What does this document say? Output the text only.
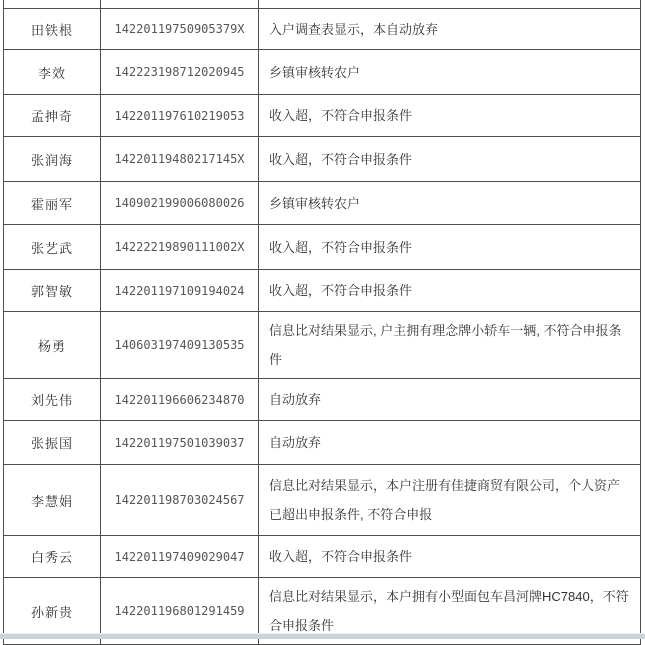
田铁根	14220119750905379X	入户调查表显示，本自动放弃
李效	142223198712020945	乡镇审核转农户
孟抻奇	142201197610219053	收入超，不符合申报条件
张润海	14220119480217145X	收入超，不符合申报条件
霍丽军	140902199006080026	乡镇审核转农户
张艺武	14222219890111002X	收入超，不符合申报条件
郭智敏	142201197109194024	收入超，不符合申报条件
杨勇	140603197409130535	信息比对结果显示, 户主拥有理念牌小轿车一辆, 不符合申报条件
刘先伟	142201196606234870	自动放弃
张振国	142201197501039037	自动放弃
李慧娟	142201198703024567	信息比对结果显示，本户注册有佳捷商贸有限公司，个人资产已超出申报条件, 不符合申报
白秀云	142201197409029047	收入超，不符合申报条件
孙新贵	142201196801291459	信息比对结果显示，本户拥有小型面包车昌河牌HC7840，不符合申报条件
